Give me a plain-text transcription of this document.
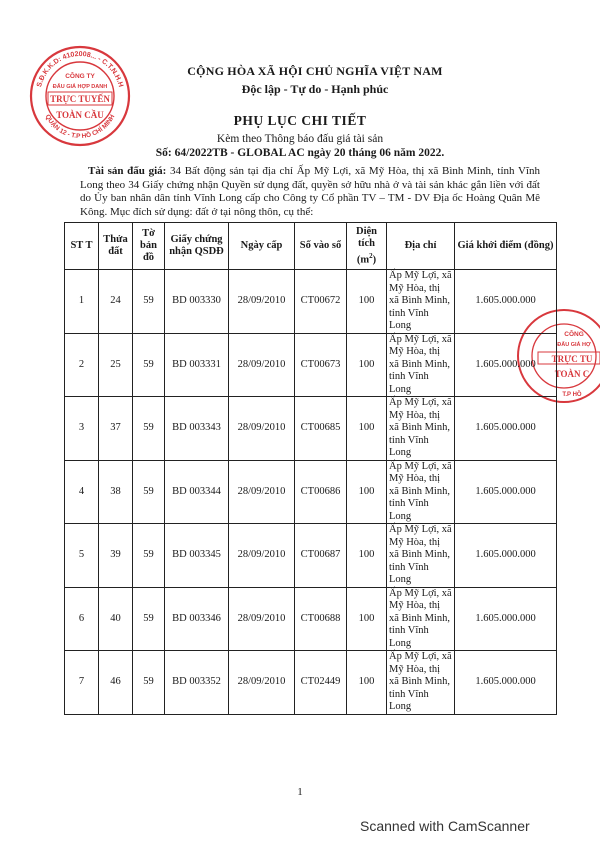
S.Đ.K.K.D: 4102008... - C.T.N.H.H
QUẬN 12 - T.P HỒ CHÍ MINH
CÔNG TY
ĐẤU GIÁ HỢP DANH
TRỰC TUYẾN
TOÀN CẦU
CÔNG
ĐẤU GIÁ HỢ
TRỰC TU
TOÀN C
T.P HỒ
CỘNG HÒA XÃ HỘI CHỦ NGHĨA VIỆT NAM
Độc lập - Tự do - Hạnh phúc
PHỤ LỤC CHI TIẾT
Kèm theo Thông báo đấu giá tài sản
Số: 64/2022TB - GLOBAL AC ngày 20 tháng 06 năm 2022.
Tài sản đấu giá: 34 Bất động sản tại địa chỉ Ấp Mỹ Lợi, xã Mỹ Hòa, thị xã Bình Minh, tỉnh Vĩnh Long theo 34 Giấy chứng nhận Quyền sử dụng đất, quyền sở hữu nhà ở và tài sản khác gắn liền với đất do Ủy ban nhân dân tỉnh Vĩnh Long cấp cho Công ty Cổ phần TV – TM - DV Địa ốc Hoàng Quân Mê Kông. Mục đích sử dụng: đất ở tại nông thôn, cụ thể:
ST T	Thửa đất	Tờ bản đồ	Giấy chứng nhận QSDĐ	Ngày cấp	Số vào sổ	Diện tích $(m^2)$	Địa chỉ	Giá khởi điểm (đồng)
1	24	59	BD 003330	28/09/2010	CT00672	100	Ấp Mỹ Lợi, xã Mỹ Hòa, thị xã Bình Minh, tỉnh Vĩnh Long	1.605.000.000
2	25	59	BD 003331	28/09/2010	CT00673	100	Ấp Mỹ Lợi, xã Mỹ Hòa, thị xã Bình Minh, tỉnh Vĩnh Long	1.605.000.000
3	37	59	BD 003343	28/09/2010	CT00685	100	Ấp Mỹ Lợi, xã Mỹ Hòa, thị xã Bình Minh, tỉnh Vĩnh Long	1.605.000.000
4	38	59	BD 003344	28/09/2010	CT00686	100	Ấp Mỹ Lợi, xã Mỹ Hòa, thị xã Bình Minh, tỉnh Vĩnh Long	1.605.000.000
5	39	59	BD 003345	28/09/2010	CT00687	100	Ấp Mỹ Lợi, xã Mỹ Hòa, thị xã Bình Minh, tỉnh Vĩnh Long	1.605.000.000
6	40	59	BD 003346	28/09/2010	CT00688	100	Ấp Mỹ Lợi, xã Mỹ Hòa, thị xã Bình Minh, tỉnh Vĩnh Long	1.605.000.000
7	46	59	BD 003352	28/09/2010	CT02449	100	Ấp Mỹ Lợi, xã Mỹ Hòa, thị xã Bình Minh, tỉnh Vĩnh Long	1.605.000.000
1
Scanned with CamScanner
